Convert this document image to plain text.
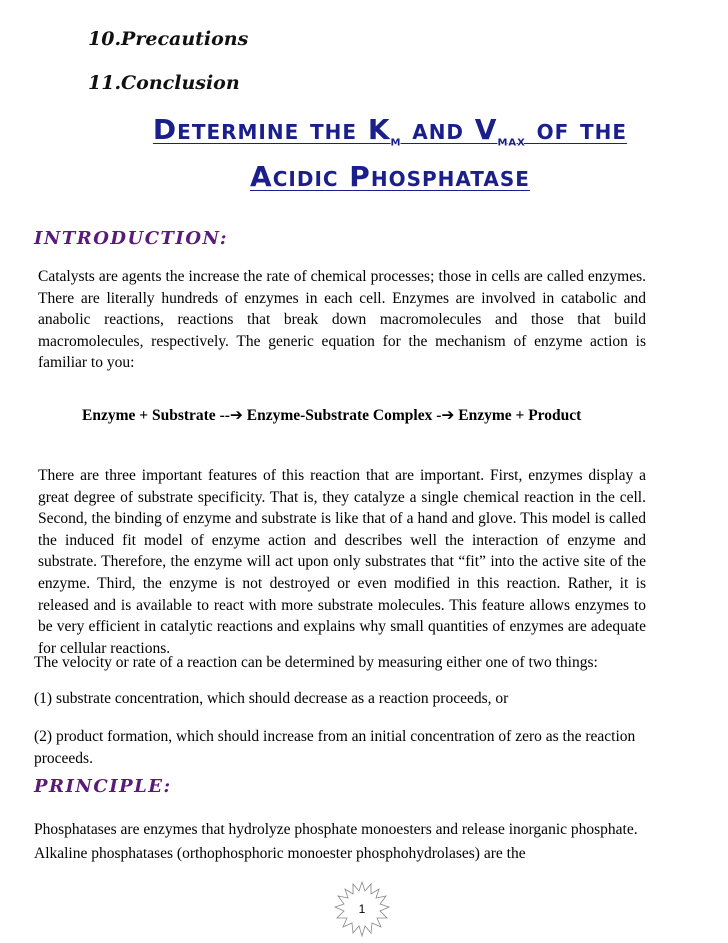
10.Precautions
11.Conclusion
Determine the $K_m$ and $V_{max}$ of the
Acidic Phosphatase
INTRODUCTION:
Catalysts are agents the increase the rate of chemical processes; those in cells are called enzymes. There are literally hundreds of enzymes in each cell. Enzymes are involved in catabolic and anabolic reactions, reactions that break down macromolecules and those that build macromolecules, respectively. The generic equation for the mechanism of enzyme action is familiar to you:
Enzyme + Substrate --➔ Enzyme-Substrate Complex -➔ Enzyme + Product
There are three important features of this reaction that are important. First, enzymes display a great degree of substrate specificity. That is, they catalyze a single chemical reaction in the cell. Second, the binding of enzyme and substrate is like that of a hand and glove. This model is called the induced fit model of enzyme action and describes well the interaction of enzyme and substrate. Therefore, the enzyme will act upon only substrates that “fit” into the active site of the enzyme. Third, the enzyme is not destroyed or even modified in this reaction. Rather, it is released and is available to react with more substrate molecules. This feature allows enzymes to be very efficient in catalytic reactions and explains why small quantities of enzymes are adequate for cellular reactions.
The velocity or rate of a reaction can be determined by measuring either one of two things:
(1) substrate concentration, which should decrease as a reaction proceeds, or
(2) product formation, which should increase from an initial concentration of zero as the reaction proceeds.
PRINCIPLE:
Phosphatases are enzymes that hydrolyze phosphate monoesters and release inorganic phosphate. Alkaline phosphatases (orthophosphoric monoester phosphohydrolases) are the
1
